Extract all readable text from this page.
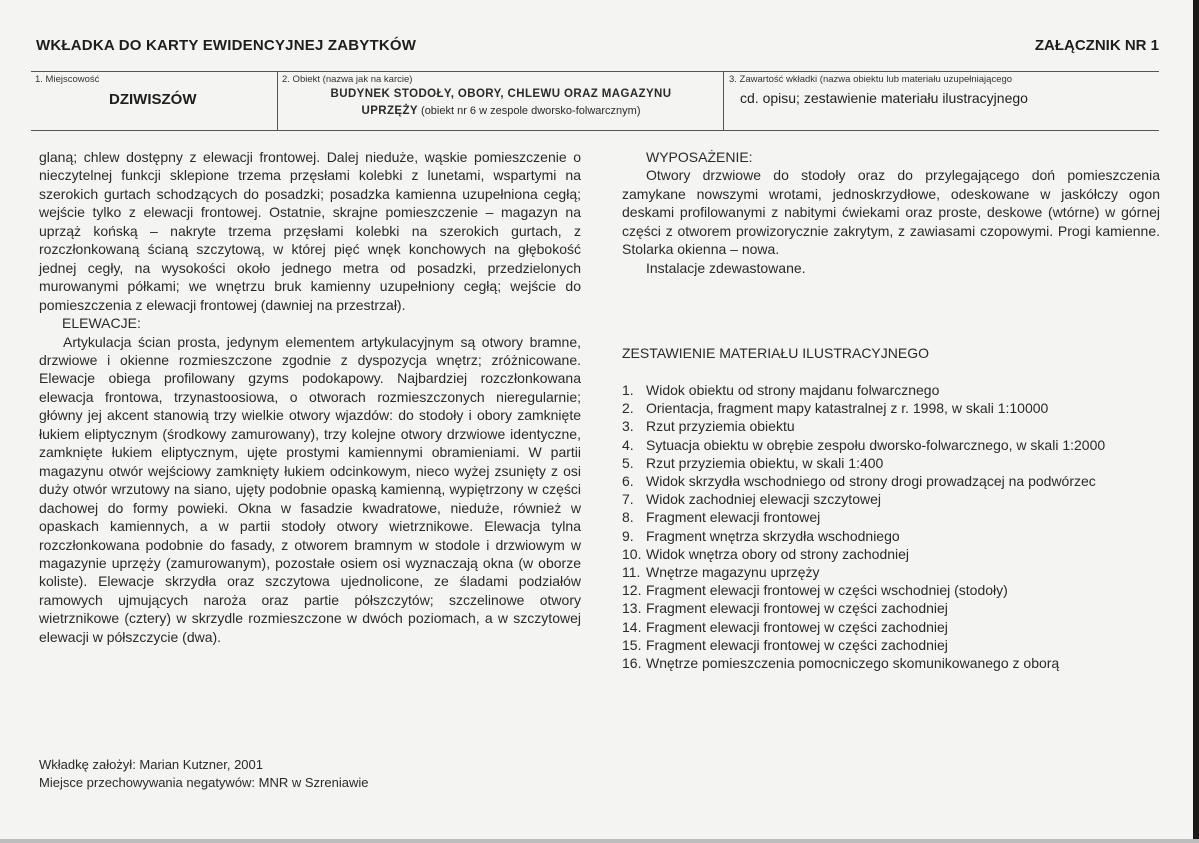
WKŁADKA DO KARTY EWIDENCYJNEJ ZABYTKÓW	ZAŁĄCZNIK NR 1
1. Miejscowość
DZIWISZÓW
2. Obiekt (nazwa jak na karcie)
BUDYNEK STODOŁY, OBORY, CHLEWU ORAZ MAGAZYNU
UPRZĘŻY (obiekt nr 6 w zespole dworsko-folwarcznym)
3. Zawartość wkładki (nazwa obiektu lub materiału uzupełniającego
cd. opisu; zestawienie materiału ilustracyjnego

glaną; chlew dostępny z elewacji frontowej. Dalej nieduże, wąskie pomieszczenie o nieczytelnej funkcji sklepione trzema przęsłami kolebki z lunetami, wspartymi na szerokich gurtach schodzących do posadzki; posadzka kamienna uzupełniona cegłą; wejście tylko z elewacji frontowej. Ostatnie, skrajne pomieszczenie – magazyn na uprząż końską – nakryte trzema przęsłami kolebki na szerokich gurtach, z rozczłonkowaną ścianą szczytową, w której pięć wnęk konchowych na głębokość jednej cegły, na wysokości około jednego metra od posadzki, przedzielonych murowanymi półkami; we wnętrzu bruk kamienny uzupełniony cegłą; wejście do pomieszczenia z elewacji frontowej (dawniej na przestrzał).

ELEWACJE:

Artykulacja ścian prosta, jedynym elementem artykulacyjnym są otwory bramne, drzwiowe i okienne rozmieszczone zgodnie z dyspozycja wnętrz; zróżnicowane. Elewacje obiega profilowany gzyms podokapowy. Najbardziej rozczłonkowana elewacja frontowa, trzynastoosiowa, o otworach rozmieszczonych nieregularnie; główny jej akcent stanowią trzy wielkie otwory wjazdów: do stodoły i obory zamknięte łukiem eliptycznym (środkowy zamurowany), trzy kolejne otwory drzwiowe identyczne, zamknięte łukiem eliptycznym, ujęte prostymi kamiennymi obramieniami. W partii magazynu otwór wejściowy zamknięty łukiem odcinkowym, nieco wyżej zsunięty z osi duży otwór wrzutowy na siano, ujęty podobnie opaską kamienną, wypiętrzony w części dachowej do formy powieki. Okna w fasadzie kwadratowe, nieduże, również w opaskach kamiennych, a w partii stodoły otwory wietrznikowe. Elewacja tylna rozczłonkowana podobnie do fasady, z otworem bramnym w stodole i drzwiowym w magazynie uprzęży (zamurowanym), pozostałe osiem osi wyznaczają okna (w oborze koliste). Elewacje skrzydła oraz szczytowa ujednolicone, ze śladami podziałów ramowych ujmujących naroża oraz partie półszczytów; szczelinowe otwory wietrznikowe (cztery) w skrzydle rozmieszczone w dwóch poziomach, a w szczytowej elewacji w półszczycie (dwa).

WYPOSAŻENIE:

Otwory drzwiowe do stodoły oraz do przylegającego doń pomieszczenia zamykane nowszymi wrotami, jednoskrzydłowe, odeskowane w jaskółczy ogon deskami profilowanymi z nabitymi ćwiekami oraz proste, deskowe (wtórne) w górnej części z otworem prowizorycznie zakrytym, z zawiasami czopowymi. Progi kamienne. Stolarka okienna – nowa.

Instalacje zdewastowane.

ZESTAWIENIE MATERIAŁU ILUSTRACYJNEGO
1. Widok obiektu od strony majdanu folwarcznego
2. Orientacja, fragment mapy katastralnej z r. 1998, w skali 1:10000
3. Rzut przyziemia obiektu
4. Sytuacja obiektu w obrębie zespołu dworsko-folwarcznego, w skali 1:2000
5. Rzut przyziemia obiektu, w skali 1:400
6. Widok skrzydła wschodniego od strony drogi prowadzącej na podwórzec
7. Widok zachodniej elewacji szczytowej
8. Fragment elewacji frontowej
9. Fragment wnętrza skrzydła wschodniego
10. Widok wnętrza obory od strony zachodniej
11. Wnętrze magazynu uprzęży
12. Fragment elewacji frontowej w części wschodniej (stodoły)
13. Fragment elewacji frontowej w części zachodniej
14. Fragment elewacji frontowej w części zachodniej
15. Fragment elewacji frontowej w części zachodniej
16. Wnętrze pomieszczenia pomocniczego skomunikowanego z oborą
Wkładkę założył: Marian Kutzner, 2001
Miejsce przechowywania negatywów: MNR w Szreniawie
